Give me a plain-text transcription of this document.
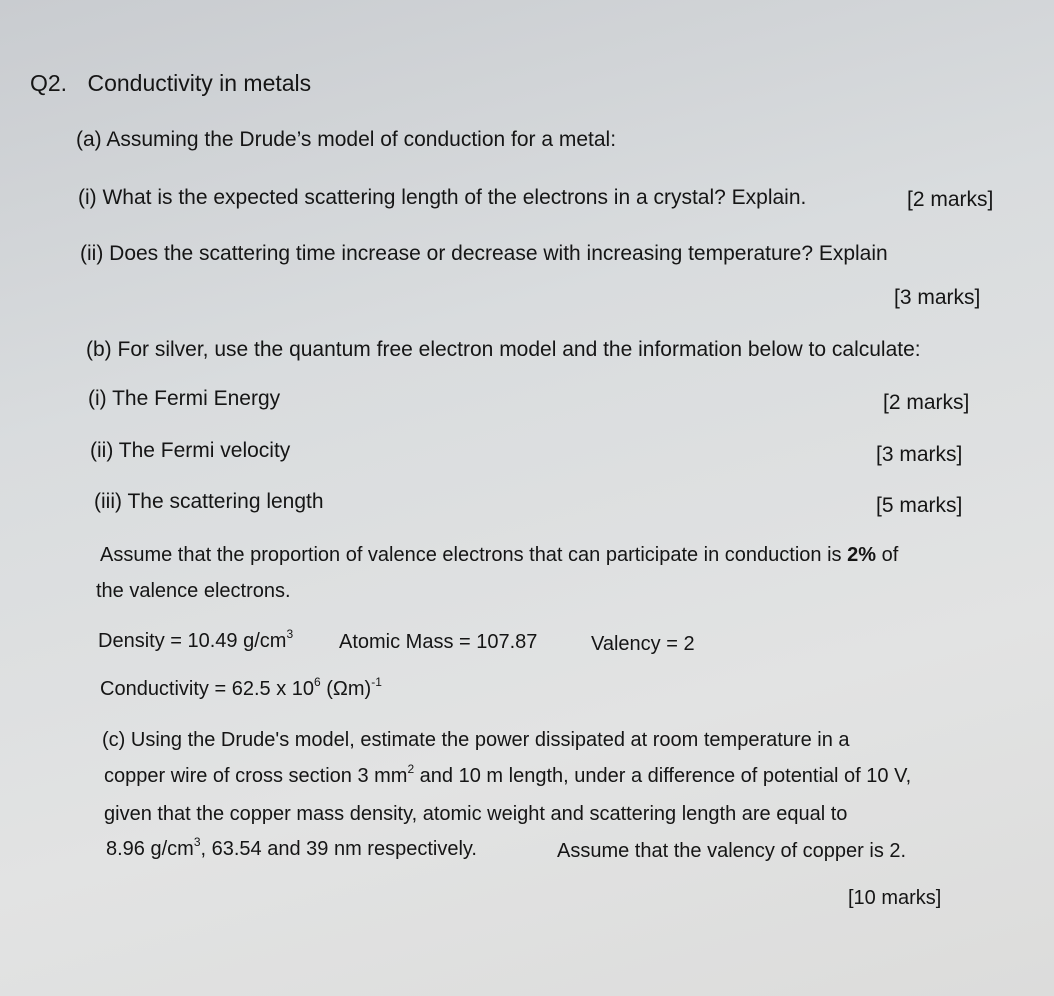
Q2. Conductivity in metals
(a) Assuming the Drude’s model of conduction for a metal:
(i) What is the expected scattering length of the electrons in a crystal? Explain.	[2 marks]
(ii) Does the scattering time increase or decrease with increasing temperature? Explain
[3 marks]
(b) For silver, use the quantum free electron model and the information below to calculate:
(i) The Fermi Energy	[2 marks]
(ii) The Fermi velocity	[3 marks]
(iii) The scattering length	[5 marks]
Assume that the proportion of valence electrons that can participate in conduction is 2% of
the valence electrons.
Density = 10.49 $g/cm^3$ Atomic Mass = 107.87	Valency = 2
Conductivity = 62.5 x $10^6$ $(\Omega m)^{-1}$
(c) Using the Drude's model, estimate the power dissipated at room temperature in a
copper wire of cross section 3 $mm^2$ and 10 m length, under a difference of potential of 10 V,
given that the copper mass density, atomic weight and scattering length are equal to
8.96 $g/cm^3$, 63.54 and 39 nm respectively.	Assume that the valency of copper is 2.
[10 marks]
